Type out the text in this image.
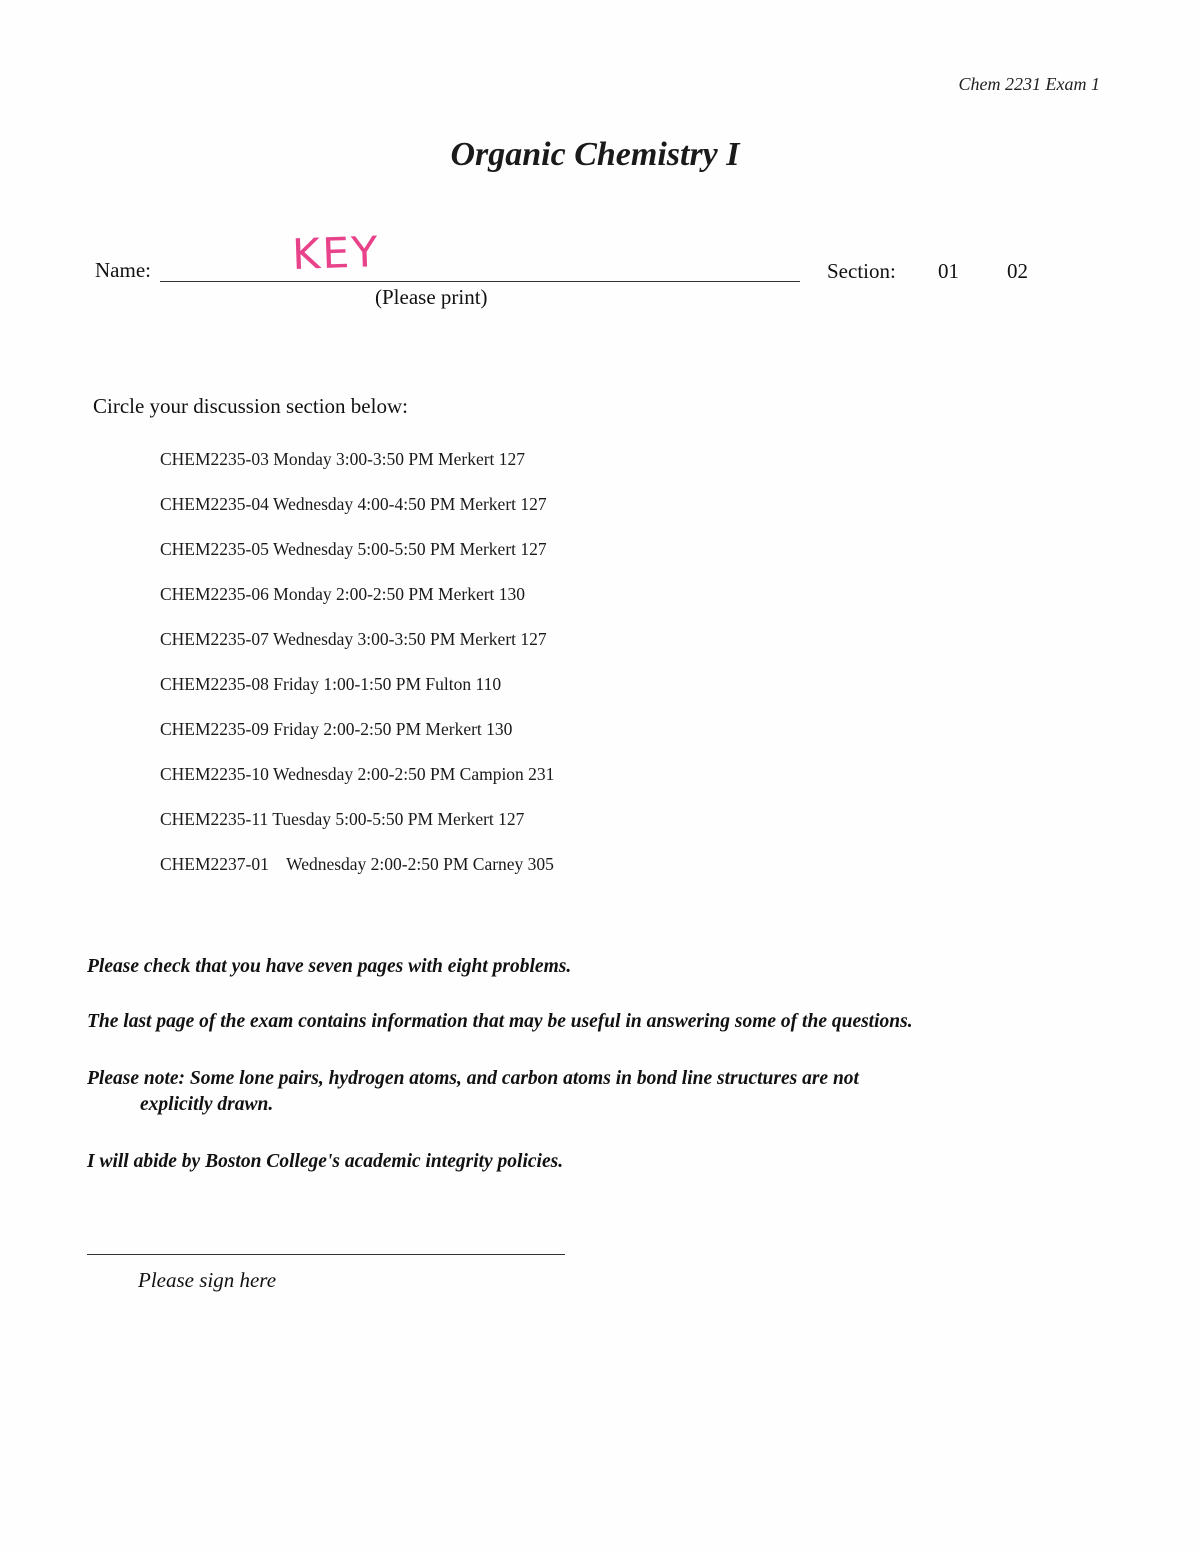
Chem 2231 Exam 1
Organic Chemistry I
Name:	KEY
(Please print)
Section: 01 02
Circle your discussion section below:
CHEM2235-03 Monday 3:00-3:50 PM Merkert 127
CHEM2235-04 Wednesday 4:00-4:50 PM Merkert 127
CHEM2235-05 Wednesday 5:00-5:50 PM Merkert 127
CHEM2235-06 Monday 2:00-2:50 PM Merkert 130
CHEM2235-07 Wednesday 3:00-3:50 PM Merkert 127
CHEM2235-08 Friday 1:00-1:50 PM Fulton 110
CHEM2235-09 Friday 2:00-2:50 PM Merkert 130
CHEM2235-10 Wednesday 2:00-2:50 PM Campion 231
CHEM2235-11 Tuesday 5:00-5:50 PM Merkert 127
CHEM2237-01    Wednesday 2:00-2:50 PM Carney 305
Please check that you have seven pages with eight problems.
The last page of the exam contains information that may be useful in answering some of the questions.
Please note: Some lone pairs, hydrogen atoms, and carbon atoms in bond line structures are not
explicitly drawn.
I will abide by Boston College's academic integrity policies.
Please sign here
